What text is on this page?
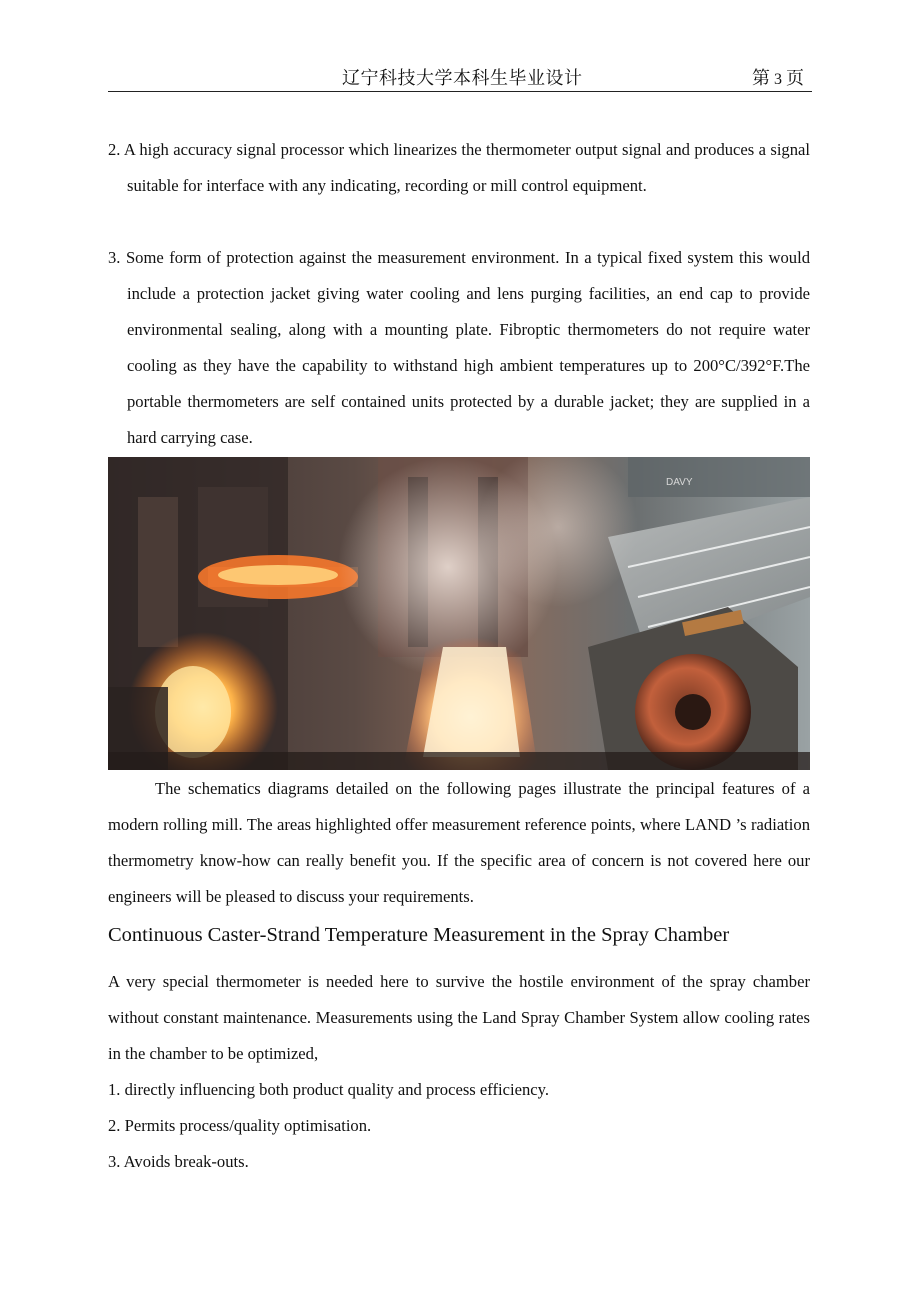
辽宁科技大学本科生毕业设计	第 3 页
2. A high accuracy signal processor which linearizes the thermometer output signal and produces a signal suitable for interface with any indicating, recording or mill control equipment.
3. Some form of protection against the measurement environment. In a typical fixed system this would include a protection jacket giving water cooling and lens purging facilities, an end cap to provide environmental sealing, along with a mounting plate. Fibroptic thermometers do not require water cooling as they have the capability to withstand high ambient temperatures up to 200°C/392°F.The portable thermometers are self contained units protected by a durable jacket; they are supplied in a hard carrying case.
DAVY
The schematics diagrams detailed on the following pages illustrate the principal features of a modern rolling mill. The areas highlighted offer measurement reference points, where LAND ’s radiation thermometry know-how can really benefit you. If the specific area of concern is not covered here our engineers will be pleased to discuss your requirements.
Continuous Caster-Strand Temperature Measurement in the Spray Chamber
A very special thermometer is needed here to survive the hostile environment of the spray chamber without constant maintenance. Measurements using the Land Spray Chamber System allow cooling rates in the chamber to be optimized,
1. directly influencing both product quality and process efficiency.
2. Permits process/quality optimisation.
3. Avoids break-outs.
